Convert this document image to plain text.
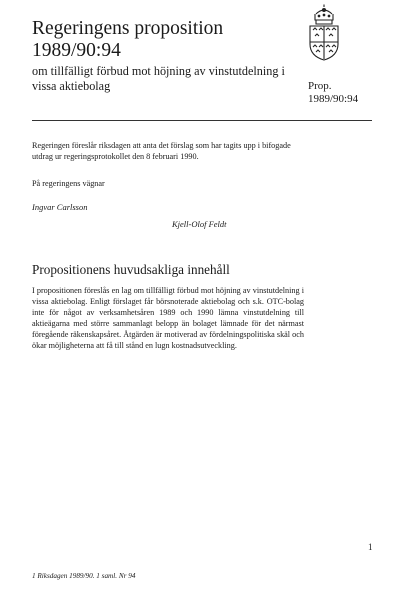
Regeringens proposition
1989/90:94
om tillfälligt förbud mot höjning av vinstutdelning i vissa aktiebolag	Prop.
1989/90:94
Regeringen föreslår riksdagen att anta det förslag som har tagits upp i bifogade utdrag ur regeringsprotokollet den 8 februari 1990.
På regeringens vägnar
Ingvar Carlsson
Kjell-Olof Feldt
Propositionens huvudsakliga innehåll
I propositionen föreslås en lag om tillfälligt förbud mot höjning av vinstutdelning i vissa aktiebolag. Enligt förslaget får börsnoterade aktiebolag och s.k. OTC-bolag inte för något av verksamhetsåren 1989 och 1990 lämna vinstutdelning till aktieägarna med större sammanlagt belopp än bolaget lämnade för det närmast föregående räkenskapsåret. Åtgärden är motiverad av fördelningspolitiska skäl och ökar möjligheterna att få till stånd en lugn kostnadsutveckling.
1
1 Riksdagen 1989/90. 1 saml. Nr 94
